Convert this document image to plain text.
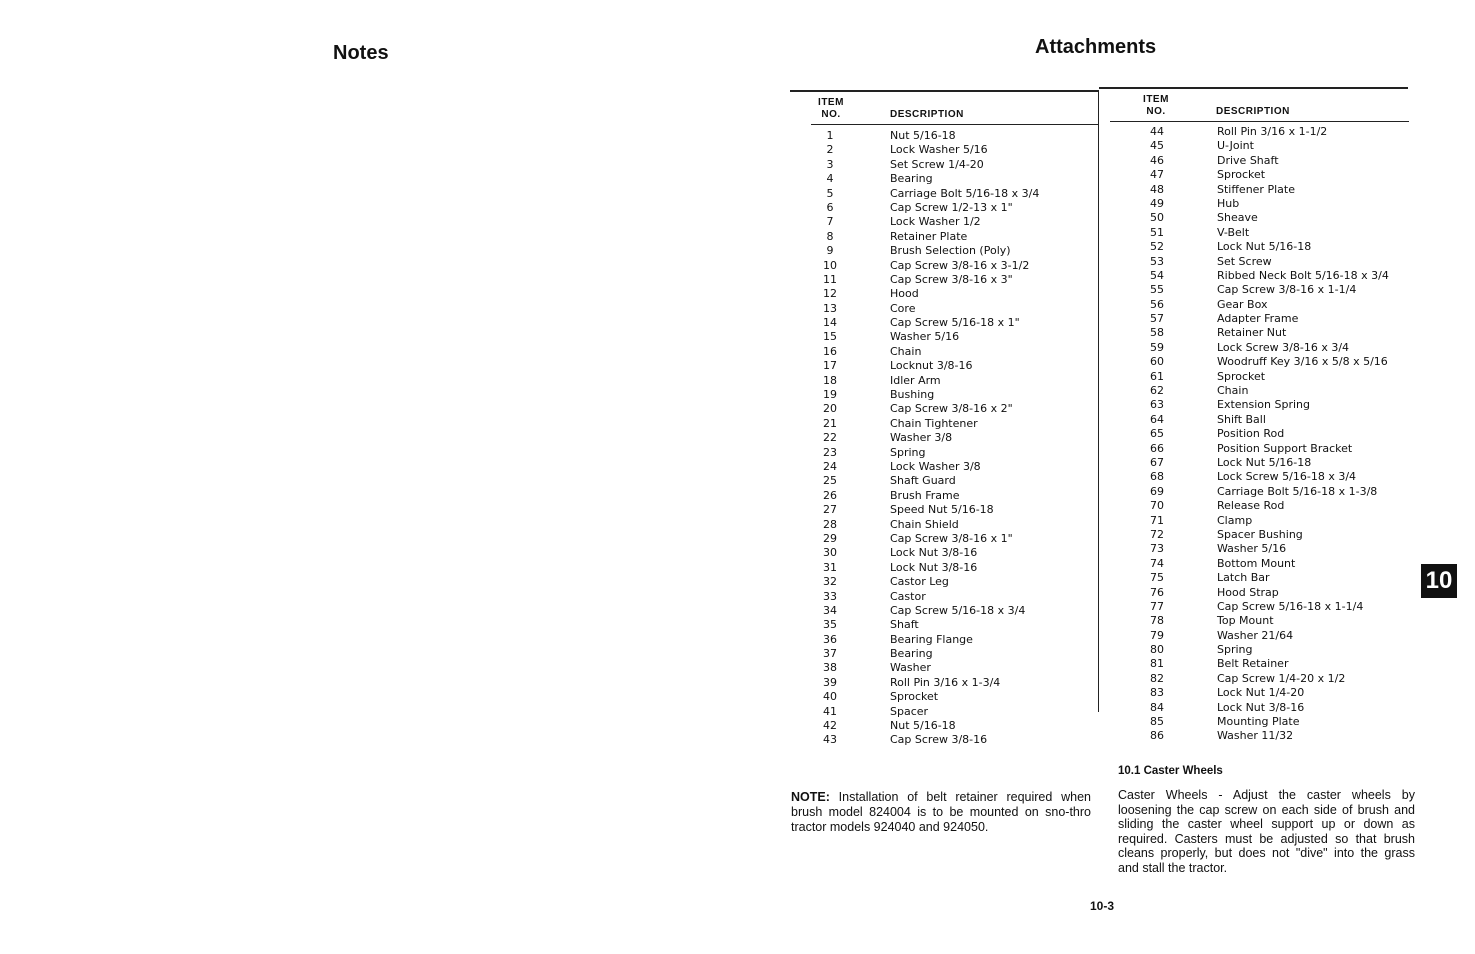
Notes	Attachments
ITEM
NO.	DESCRIPTION
ITEM
NO.	DESCRIPTION
1	Nut 5/16-18
2	Lock Washer 5/16
3	Set Screw 1/4-20
4	Bearing
5	Carriage Bolt 5/16-18 x 3/4
6	Cap Screw 1/2-13 x 1"
7	Lock Washer 1/2
8	Retainer Plate
9	Brush Selection (Poly)
10	Cap Screw 3/8-16 x 3-1/2
11	Cap Screw 3/8-16 x 3"
12	Hood
13	Core
14	Cap Screw 5/16-18 x 1"
15	Washer 5/16
16	Chain
17	Locknut 3/8-16
18	Idler Arm
19	Bushing
20	Cap Screw 3/8-16 x 2"
21	Chain Tightener
22	Washer 3/8
23	Spring
24	Lock Washer 3/8
25	Shaft Guard
26	Brush Frame
27	Speed Nut 5/16-18
28	Chain Shield
29	Cap Screw 3/8-16 x 1"
30	Lock Nut 3/8-16
31	Lock Nut 3/8-16
32	Castor Leg
33	Castor
34	Cap Screw 5/16-18 x 3/4
35	Shaft
36	Bearing Flange
37	Bearing
38	Washer
39	Roll Pin 3/16 x 1-3/4
40	Sprocket
41	Spacer
42	Nut 5/16-18
43	Cap Screw 3/8-16
44	Roll Pin 3/16 x 1-1/2
45	U-Joint
46	Drive Shaft
47	Sprocket
48	Stiffener Plate
49	Hub
50	Sheave
51	V-Belt
52	Lock Nut 5/16-18
53	Set Screw
54	Ribbed Neck Bolt 5/16-18 x 3/4
55	Cap Screw 3/8-16 x 1-1/4
56	Gear Box
57	Adapter Frame
58	Retainer Nut
59	Lock Screw 3/8-16 x 3/4
60	Woodruff Key 3/16 x 5/8 x 5/16
61	Sprocket
62	Chain
63	Extension Spring
64	Shift Ball
65	Position Rod
66	Position Support Bracket
67	Lock Nut 5/16-18
68	Lock Screw 5/16-18 x 3/4
69	Carriage Bolt 5/16-18 x 1-3/8
70	Release Rod
71	Clamp
72	Spacer Bushing
73	Washer 5/16
74	Bottom Mount
75	Latch Bar
76	Hood Strap
77	Cap Screw 5/16-18 x 1-1/4
78	Top Mount
79	Washer 21/64
80	Spring
81	Belt Retainer
82	Cap Screw 1/4-20 x 1/2
83	Lock Nut 1/4-20
84	Lock Nut 3/8-16
85	Mounting Plate
86	Washer 11/32
NOTE: Installation of belt retainer required when brush model 824004 is to be mounted on sno-thro tractor models 924040 and 924050.
10.1 Caster Wheels
Caster Wheels - Adjust the caster wheels by loosening the cap screw on each side of brush and sliding the caster wheel support up or down as required. Casters must be adjusted so that brush cleans properly, but does not "dive" into the grass and stall the tractor.
10-3
10
